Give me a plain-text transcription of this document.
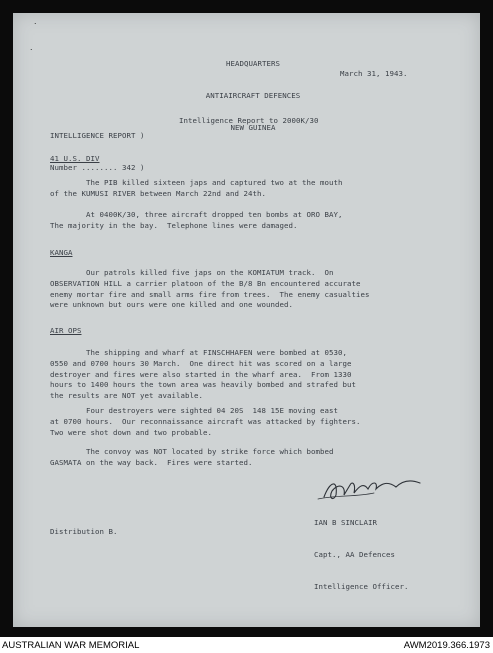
˙
˙

HEADQUARTERS

ANTIAIRCRAFT DEFENCES

NEW GUINEA

March 31, 1943.

INTELLIGENCE REPORT )

Number ........ 342 )

Intelligence Report to 2000K/30
41 U.S. DIV
The PIB killed sixteen japs and captured two at the mouth
of the KUMUSI RIVER between March 22nd and 24th.
At 0400K/30, three aircraft dropped ten bombs at ORO BAY,
The majority in the bay.  Telephone lines were damaged.
KANGA
Our patrols killed five japs on the KOMIATUM track.  On
OBSERVATION HILL a carrier platoon of the B/8 Bn encountered accurate
enemy mortar fire and small arms fire from trees.  The enemy casualties
were unknown but ours were one killed and one wounded.
AIR OPS
The shipping and wharf at FINSCHHAFEN were bombed at 0530,
0550 and 0700 hours 30 March.  One direct hit was scored on a large
destroyer and fires were also started in the wharf area.  From 1330
hours to 1400 hours the town area was heavily bombed and strafed but
the results are NOT yet available.
Four destroyers were sighted 04 20S  148 15E moving east
at 0700 hours.  Our reconnaissance aircraft was attacked by fighters.
Two were shot down and two probable.
The convoy was NOT located by strike force which bombed
GASMATA on the way back.  Fires were started.

IAN B SINCLAIR

Capt., AA Defences

Intelligence Officer.

Distribution B.
AUSTRALIAN WAR MEMORIAL	AWM2019.366.1973
